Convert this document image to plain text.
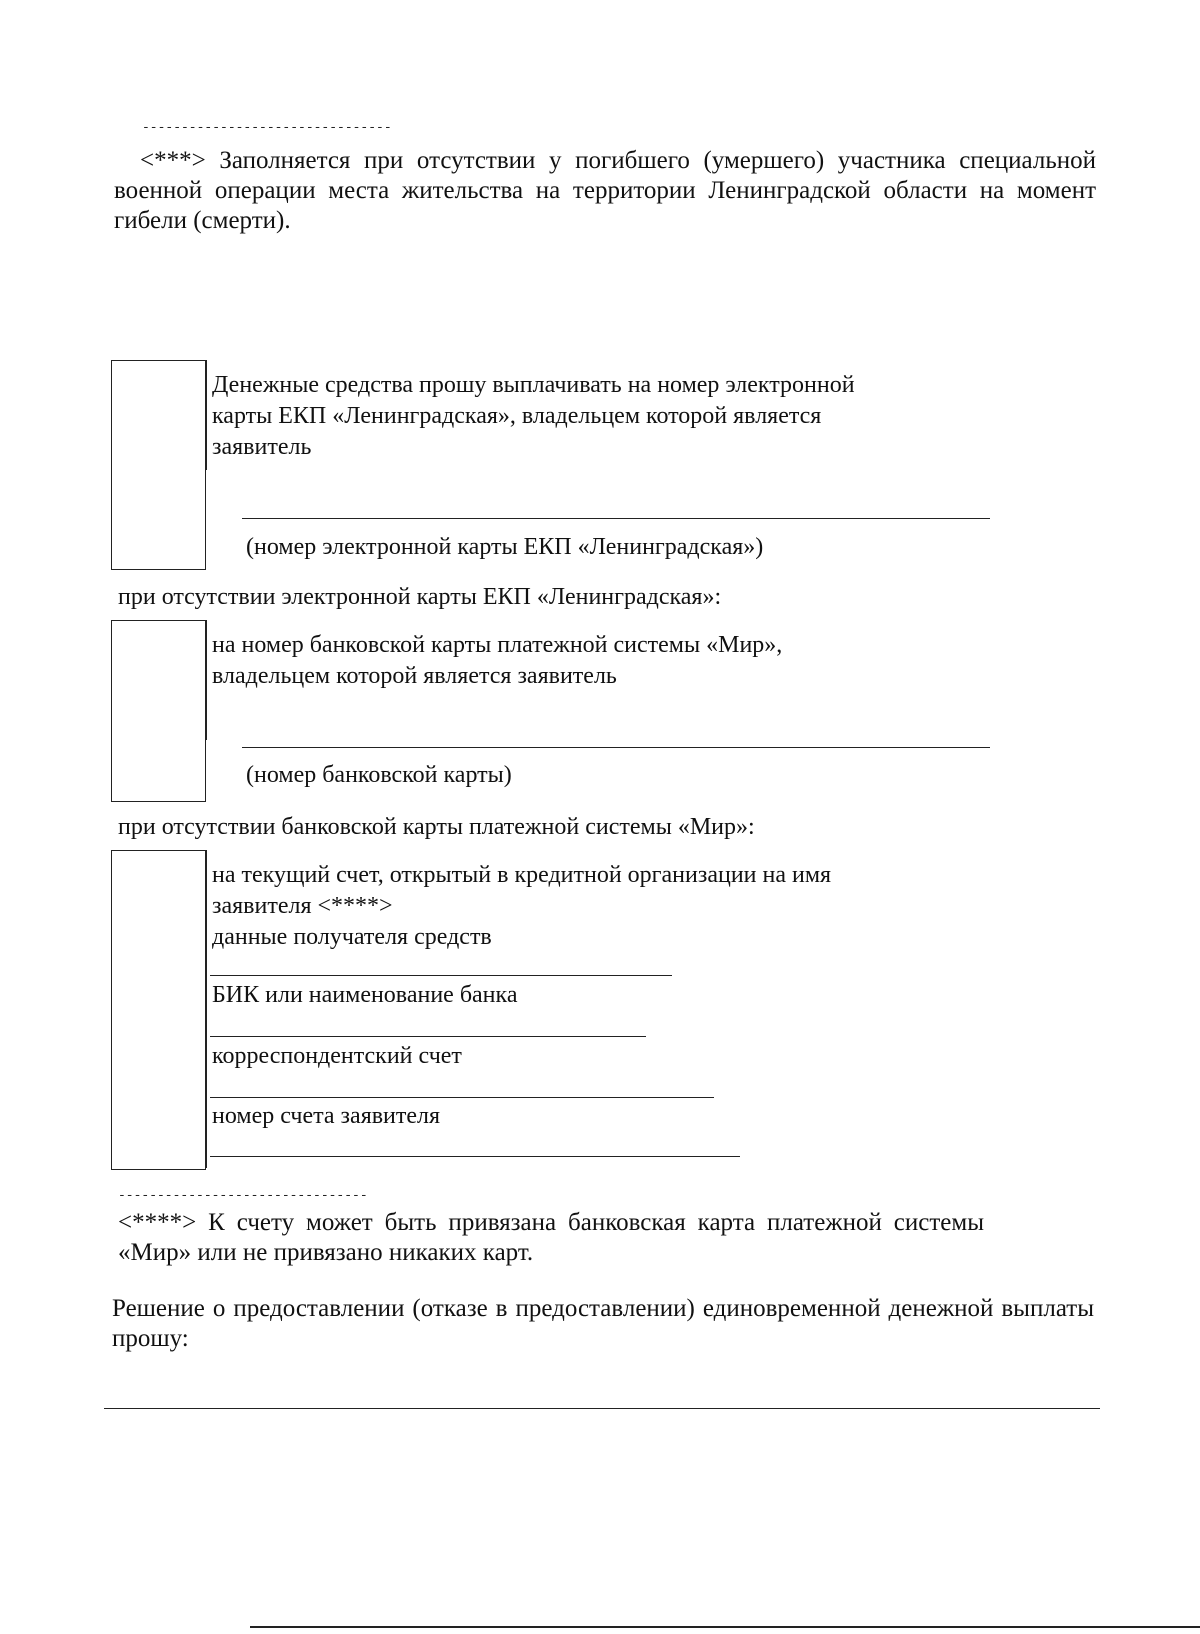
--------------------------------
<***> Заполняется при отсутствии у погибшего (умершего) участника специальной военной операции места жительства на территории Ленинградской области на момент гибели (смерти).
Денежные средства прошу выплачивать на номер электронной
карты ЕКП «Ленинградская», владельцем которой является
заявитель
(номер электронной карты ЕКП «Ленинградская»)
при отсутствии электронной карты ЕКП «Ленинградская»:
на номер банковской карты платежной системы «Мир»,
владельцем которой является заявитель
(номер банковской карты)
при отсутствии банковской карты платежной системы «Мир»:
на текущий счет, открытый в кредитной организации на имя
заявителя <****>
данные получателя средств
БИК или наименование банка
корреспондентский счет
номер счета заявителя
--------------------------------
<****> К счету может быть привязана банковская карта платежной системы «Мир» или не привязано никаких карт.
Решение о предоставлении (отказе в предоставлении) единовременной денежной выплаты прошу:
